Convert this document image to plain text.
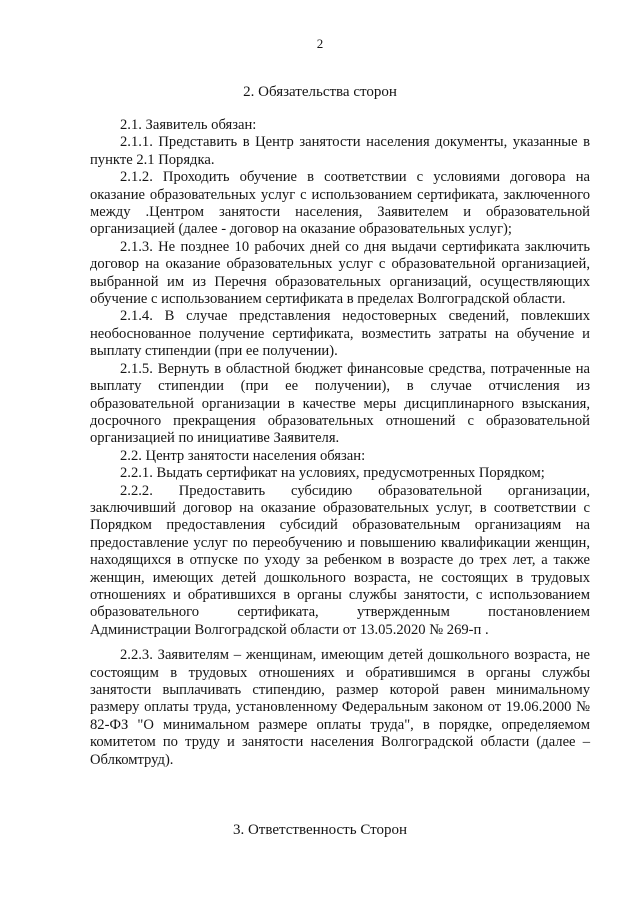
2
2. Обязательства сторон

2.1. Заявитель обязан:

2.1.1. Представить в Центр занятости населения документы, указанные в пункте 2.1 Порядка.

2.1.2. Проходить обучение в соответствии с условиями договора на оказание образовательных услуг с использованием сертификата, заключенного между .Центром занятости населения, Заявителем и образовательной организацией (далее - договор на оказание образовательных услуг);

2.1.3. Не позднее 10 рабочих дней со дня выдачи сертификата заключить договор на оказание образовательных услуг с образовательной организацией, выбранной им из Перечня образовательных организаций, осуществляющих обучение с использованием сертификата в пределах Волгоградской области.

2.1.4. В случае представления недостоверных сведений, повлекших необоснованное получение сертификата, возместить затраты на обучение и выплату стипендии (при ее получении).

2.1.5. Вернуть в областной бюджет финансовые средства, потраченные на выплату стипендии (при ее получении), в случае отчисления из образовательной организации в качестве меры дисциплинарного взыскания, досрочного прекращения образовательных отношений с образовательной организацией по инициативе Заявителя.

2.2. Центр занятости населения обязан:

2.2.1. Выдать сертификат на условиях, предусмотренных Порядком;

2.2.2. Предоставить субсидию образовательной организации, заключивший договор на оказание образовательных услуг, в соответствии с Порядком предоставления субсидий образовательным организациям на предоставление услуг по переобучению и повышению квалификации женщин, находящихся в отпуске по уходу за ребенком в возрасте до трех лет, а также женщин, имеющих детей дошкольного возраста, не состоящих в трудовых отношениях и обратившихся в органы службы занятости, с использованием образовательного сертификата, утвержденным постановлением Администрации Волгоградской области от 13.05.2020 № 269-п .

2.2.3. Заявителям – женщинам, имеющим детей дошкольного возраста, не состоящим в трудовых отношениях и обратившимся в органы службы занятости выплачивать стипендию, размер которой равен минимальному размеру оплаты труда, установленному Федеральным законом от 19.06.2000 № 82-ФЗ "О минимальном размере оплаты труда", в порядке, определяемом комитетом по труду и занятости населения Волгоградской области (далее – Облкомтруд).

3. Ответственность Сторон
